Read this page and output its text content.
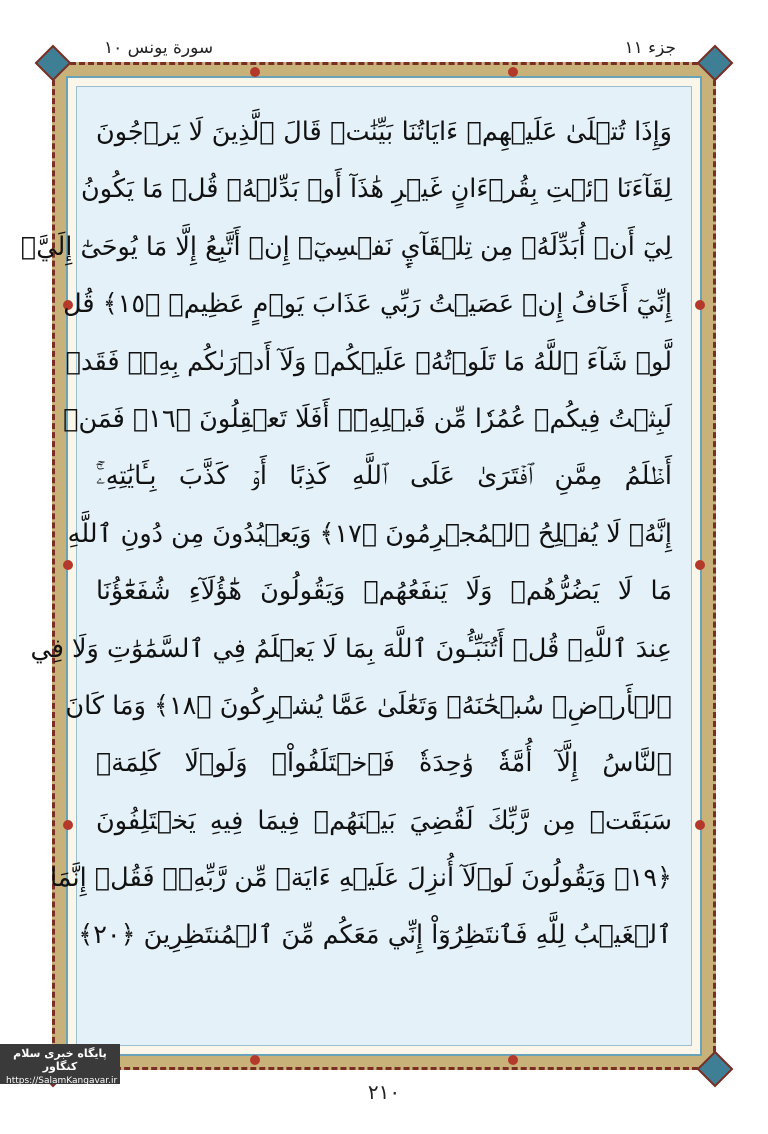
جزء ١١
سورة يونس ١٠
وَإِذَا تُتۡلَىٰ عَلَيۡهِمۡ ءَايَاتُنَا بَيِّنَٰتٖ قَالَ ٱلَّذِينَ لَا يَرۡجُونَ
لِقَآءَنَا ٱئۡتِ بِقُرۡءَانٍ غَيۡرِ هَٰذَآ أَوۡ بَدِّلۡهُۚ قُلۡ مَا يَكُونُ
لِيٓ أَنۡ أُبَدِّلَهُۥ مِن تِلۡقَآيِٕ نَفۡسِيٓۖ إِنۡ أَتَّبِعُ إِلَّا مَا يُوحَىٰٓ إِلَيَّۖ
إِنِّيٓ أَخَافُ إِنۡ عَصَيۡتُ رَبِّي عَذَابَ يَوۡمٍ عَظِيمٖ ﴿١٥﴾ قُل
لَّوۡ شَآءَ ٱللَّهُ مَا تَلَوۡتُهُۥ عَلَيۡكُمۡ وَلَآ أَدۡرَىٰكُم بِهِۦۖ فَقَدۡ
لَبِثۡتُ فِيكُمۡ عُمُرٗا مِّن قَبۡلِهِۦٓۚ أَفَلَا تَعۡقِلُونَ ﴿١٦﴾ فَمَنۡ
أَظۡلَمُ مِمَّنِ ٱفۡتَرَىٰ عَلَى ٱللَّهِ كَذِبًا أَوۡ كَذَّبَ بِـَٔايَٰتِهِۦٓۚ
إِنَّهُۥ لَا يُفۡلِحُ ٱلۡمُجۡرِمُونَ ﴿١٧﴾ وَيَعۡبُدُونَ مِن دُونِ ٱللَّهِ
مَا لَا يَضُرُّهُمۡ وَلَا يَنفَعُهُمۡ وَيَقُولُونَ هَٰٓؤُلَآءِ شُفَعَٰٓؤُنَا
عِندَ ٱللَّهِۚ قُلۡ أَتُنَبِّـُٔونَ ٱللَّهَ بِمَا لَا يَعۡلَمُ فِي ٱلسَّمَٰوَٰتِ وَلَا فِي
ٱلۡأَرۡضِۚ سُبۡحَٰنَهُۥ وَتَعَٰلَىٰ عَمَّا يُشۡرِكُونَ ﴿١٨﴾ وَمَا كَانَ
ٱلنَّاسُ إِلَّآ أُمَّةٗ وَٰحِدَةٗ فَٱخۡتَلَفُواْۚ وَلَوۡلَا كَلِمَةٞ
سَبَقَتۡ مِن رَّبِّكَ لَقُضِيَ بَيۡنَهُمۡ فِيمَا فِيهِ يَخۡتَلِفُونَ
﴿١٩﴾ وَيَقُولُونَ لَوۡلَآ أُنزِلَ عَلَيۡهِ ءَايَةٞ مِّن رَّبِّهِۦۖ فَقُلۡ إِنَّمَا
ٱلۡغَيۡبُ لِلَّهِ فَٱنتَظِرُوٓاْ إِنِّي مَعَكُم مِّنَ ٱلۡمُنتَظِرِينَ ﴿٢٠﴾
٢١٠
پایگاه خبری سلام کنگاور
https://SalamKangavar.ir
